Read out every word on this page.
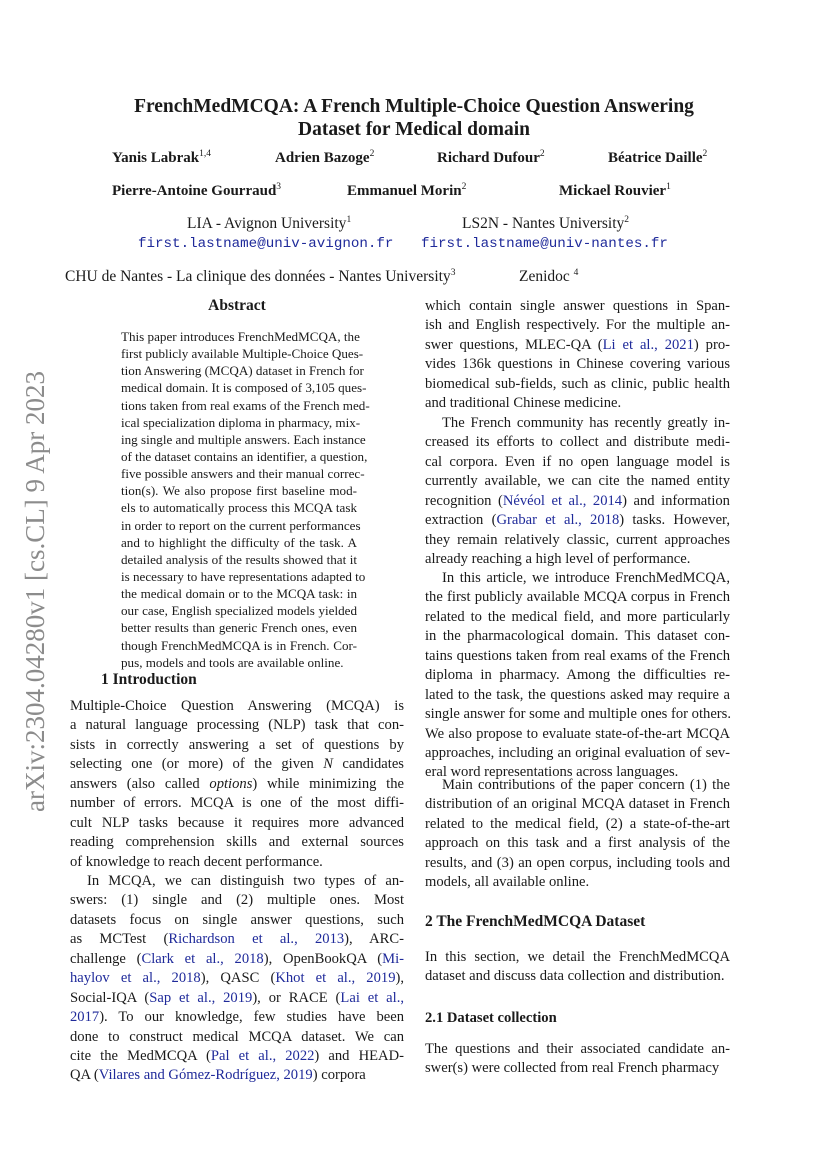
arXiv:2304.04280v1 [cs.CL] 9 Apr 2023
FrenchMedMCQA: A French Multiple-Choice Question Answering
Dataset for Medical domain
Yanis Labrak$^{1,4}$	Adrien Bazoge$^2$	Richard Dufour$^2$	Béatrice Daille$^2$
Pierre-Antoine Gourraud$^3$	Emmanuel Morin$^2$	Mickael Rouvier$^1$
LIA - Avignon University$^1$	LS2N - Nantes University$^2$
first.lastname@univ-avignon.fr first.lastname@univ-nantes.fr
CHU de Nantes - La clinique des données - Nantes University$^3$	Zenidoc $^4$
Abstract
This paper introduces FrenchMedMCQA, the
first publicly available Multiple-Choice Ques-
tion Answering (MCQA) dataset in French for
medical domain. It is composed of 3,105 ques-
tions taken from real exams of the French med-
ical specialization diploma in pharmacy, mix-
ing single and multiple answers. Each instance
of the dataset contains an identifier, a question,
five possible answers and their manual correc-
tion(s). We also propose first baseline mod-
els to automatically process this MCQA task
in order to report on the current performances
and to highlight the difficulty of the task. A
detailed analysis of the results showed that it
is necessary to have representations adapted to
the medical domain or to the MCQA task: in
our case, English specialized models yielded
better results than generic French ones, even
though FrenchMedMCQA is in French. Cor-
pus, models and tools are available online.
1 Introduction
Multiple-Choice Question Answering (MCQA) is
a natural language processing (NLP) task that con-
sists in correctly answering a set of questions by
selecting one (or more) of the given N candidates
answers (also called options) while minimizing the
number of errors. MCQA is one of the most diffi-
cult NLP tasks because it requires more advanced
reading comprehension skills and external sources
of knowledge to reach decent performance.
In MCQA, we can distinguish two types of an-
swers: (1) single and (2) multiple ones. Most
datasets focus on single answer questions, such
as MCTest (Richardson et al., 2013), ARC-
challenge (Clark et al., 2018), OpenBookQA (Mi-
haylov et al., 2018), QASC (Khot et al., 2019),
Social-IQA (Sap et al., 2019), or RACE (Lai et al.,
2017). To our knowledge, few studies have been
done to construct medical MCQA dataset. We can
cite the MedMCQA (Pal et al., 2022) and HEAD-
QA (Vilares and Gómez-Rodríguez, 2019) corpora
which contain single answer questions in Span-
ish and English respectively. For the multiple an-
swer questions, MLEC-QA (Li et al., 2021) pro-
vides 136k questions in Chinese covering various
biomedical sub-fields, such as clinic, public health
and traditional Chinese medicine.
The French community has recently greatly in-
creased its efforts to collect and distribute medi-
cal corpora. Even if no open language model is
currently available, we can cite the named entity
recognition (Névéol et al., 2014) and information
extraction (Grabar et al., 2018) tasks. However,
they remain relatively classic, current approaches
already reaching a high level of performance.
In this article, we introduce FrenchMedMCQA,
the first publicly available MCQA corpus in French
related to the medical field, and more particularly
in the pharmacological domain. This dataset con-
tains questions taken from real exams of the French
diploma in pharmacy. Among the difficulties re-
lated to the task, the questions asked may require a
single answer for some and multiple ones for others.
We also propose to evaluate state-of-the-art MCQA
approaches, including an original evaluation of sev-
eral word representations across languages.
Main contributions of the paper concern (1) the
distribution of an original MCQA dataset in French
related to the medical field, (2) a state-of-the-art
approach on this task and a first analysis of the
results, and (3) an open corpus, including tools and
models, all available online.
2 The FrenchMedMCQA Dataset
In this section, we detail the FrenchMedMCQA
dataset and discuss data collection and distribution.
2.1 Dataset collection
The questions and their associated candidate an-
swer(s) were collected from real French pharmacy
